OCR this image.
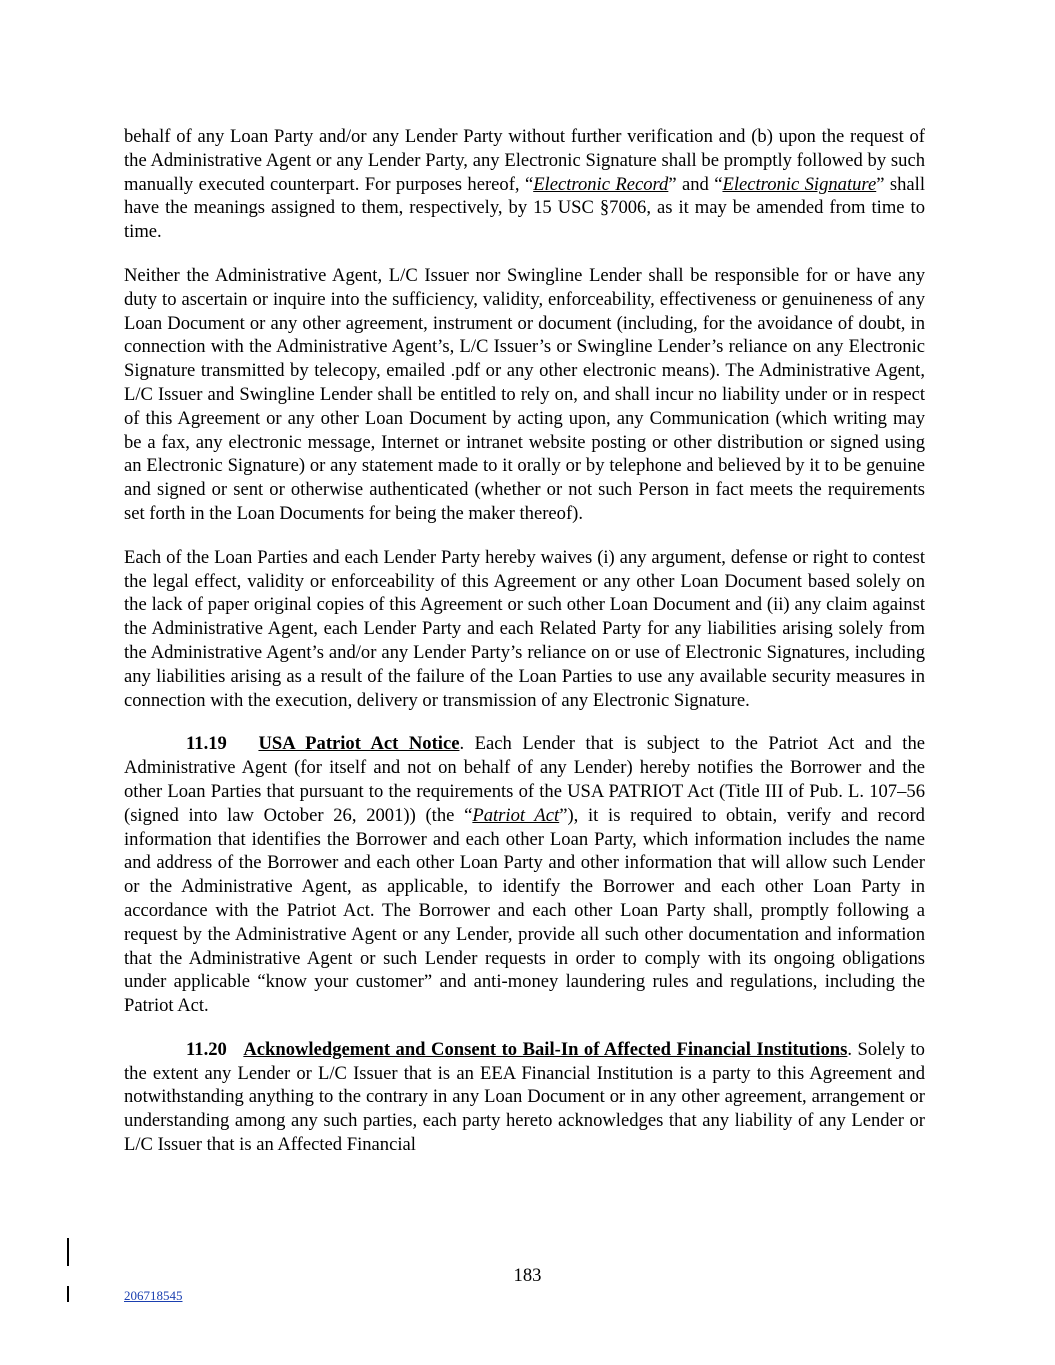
behalf of any Loan Party and/or any Lender Party without further verification and (b) upon the request of the Administrative Agent or any Lender Party, any Electronic Signature shall be promptly followed by such manually executed counterpart. For purposes hereof, “Electronic Record” and “Electronic Signature” shall have the meanings assigned to them, respectively, by 15 USC §7006, as it may be amended from time to time.

Neither the Administrative Agent, L/C Issuer nor Swingline Lender shall be responsible for or have any duty to ascertain or inquire into the sufficiency, validity, enforceability, effectiveness or genuineness of any Loan Document or any other agreement, instrument or document (including, for the avoidance of doubt, in connection with the Administrative Agent’s, L/C Issuer’s or Swingline Lender’s reliance on any Electronic Signature transmitted by telecopy, emailed .pdf or any other electronic means). The Administrative Agent, L/C Issuer and Swingline Lender shall be entitled to rely on, and shall incur no liability under or in respect of this Agreement or any other Loan Document by acting upon, any Communication (which writing may be a fax, any electronic message, Internet or intranet website posting or other distribution or signed using an Electronic Signature) or any statement made to it orally or by telephone and believed by it to be genuine and signed or sent or otherwise authenticated (whether or not such Person in fact meets the requirements set forth in the Loan Documents for being the maker thereof).

Each of the Loan Parties and each Lender Party hereby waives (i) any argument, defense or right to contest the legal effect, validity or enforceability of this Agreement or any other Loan Document based solely on the lack of paper original copies of this Agreement or such other Loan Document and (ii) any claim against the Administrative Agent, each Lender Party and each Related Party for any liabilities arising solely from the Administrative Agent’s and/or any Lender Party’s reliance on or use of Electronic Signatures, including any liabilities arising as a result of the failure of the Loan Parties to use any available security measures in connection with the execution, delivery or transmission of any Electronic Signature.

11.19 USA Patriot Act Notice. Each Lender that is subject to the Patriot Act and the Administrative Agent (for itself and not on behalf of any Lender) hereby notifies the Borrower and the other Loan Parties that pursuant to the requirements of the USA PATRIOT Act (Title III of Pub. L. 107–56 (signed into law October 26, 2001)) (the “Patriot Act”), it is required to obtain, verify and record information that identifies the Borrower and each other Loan Party, which information includes the name and address of the Borrower and each other Loan Party and other information that will allow such Lender or the Administrative Agent, as applicable, to identify the Borrower and each other Loan Party in accordance with the Patriot Act. The Borrower and each other Loan Party shall, promptly following a request by the Administrative Agent or any Lender, provide all such other documentation and information that the Administrative Agent or such Lender requests in order to comply with its ongoing obligations under applicable “know your customer” and anti-money laundering rules and regulations, including the Patriot Act.

11.20 Acknowledgement and Consent to Bail-In of Affected Financial Institutions. Solely to the extent any Lender or L/C Issuer that is an EEA Financial Institution is a party to this Agreement and notwithstanding anything to the contrary in any Loan Document or in any other agreement, arrangement or understanding among any such parties, each party hereto acknowledges that any liability of any Lender or L/C Issuer that is an Affected Financial

183
206718545
